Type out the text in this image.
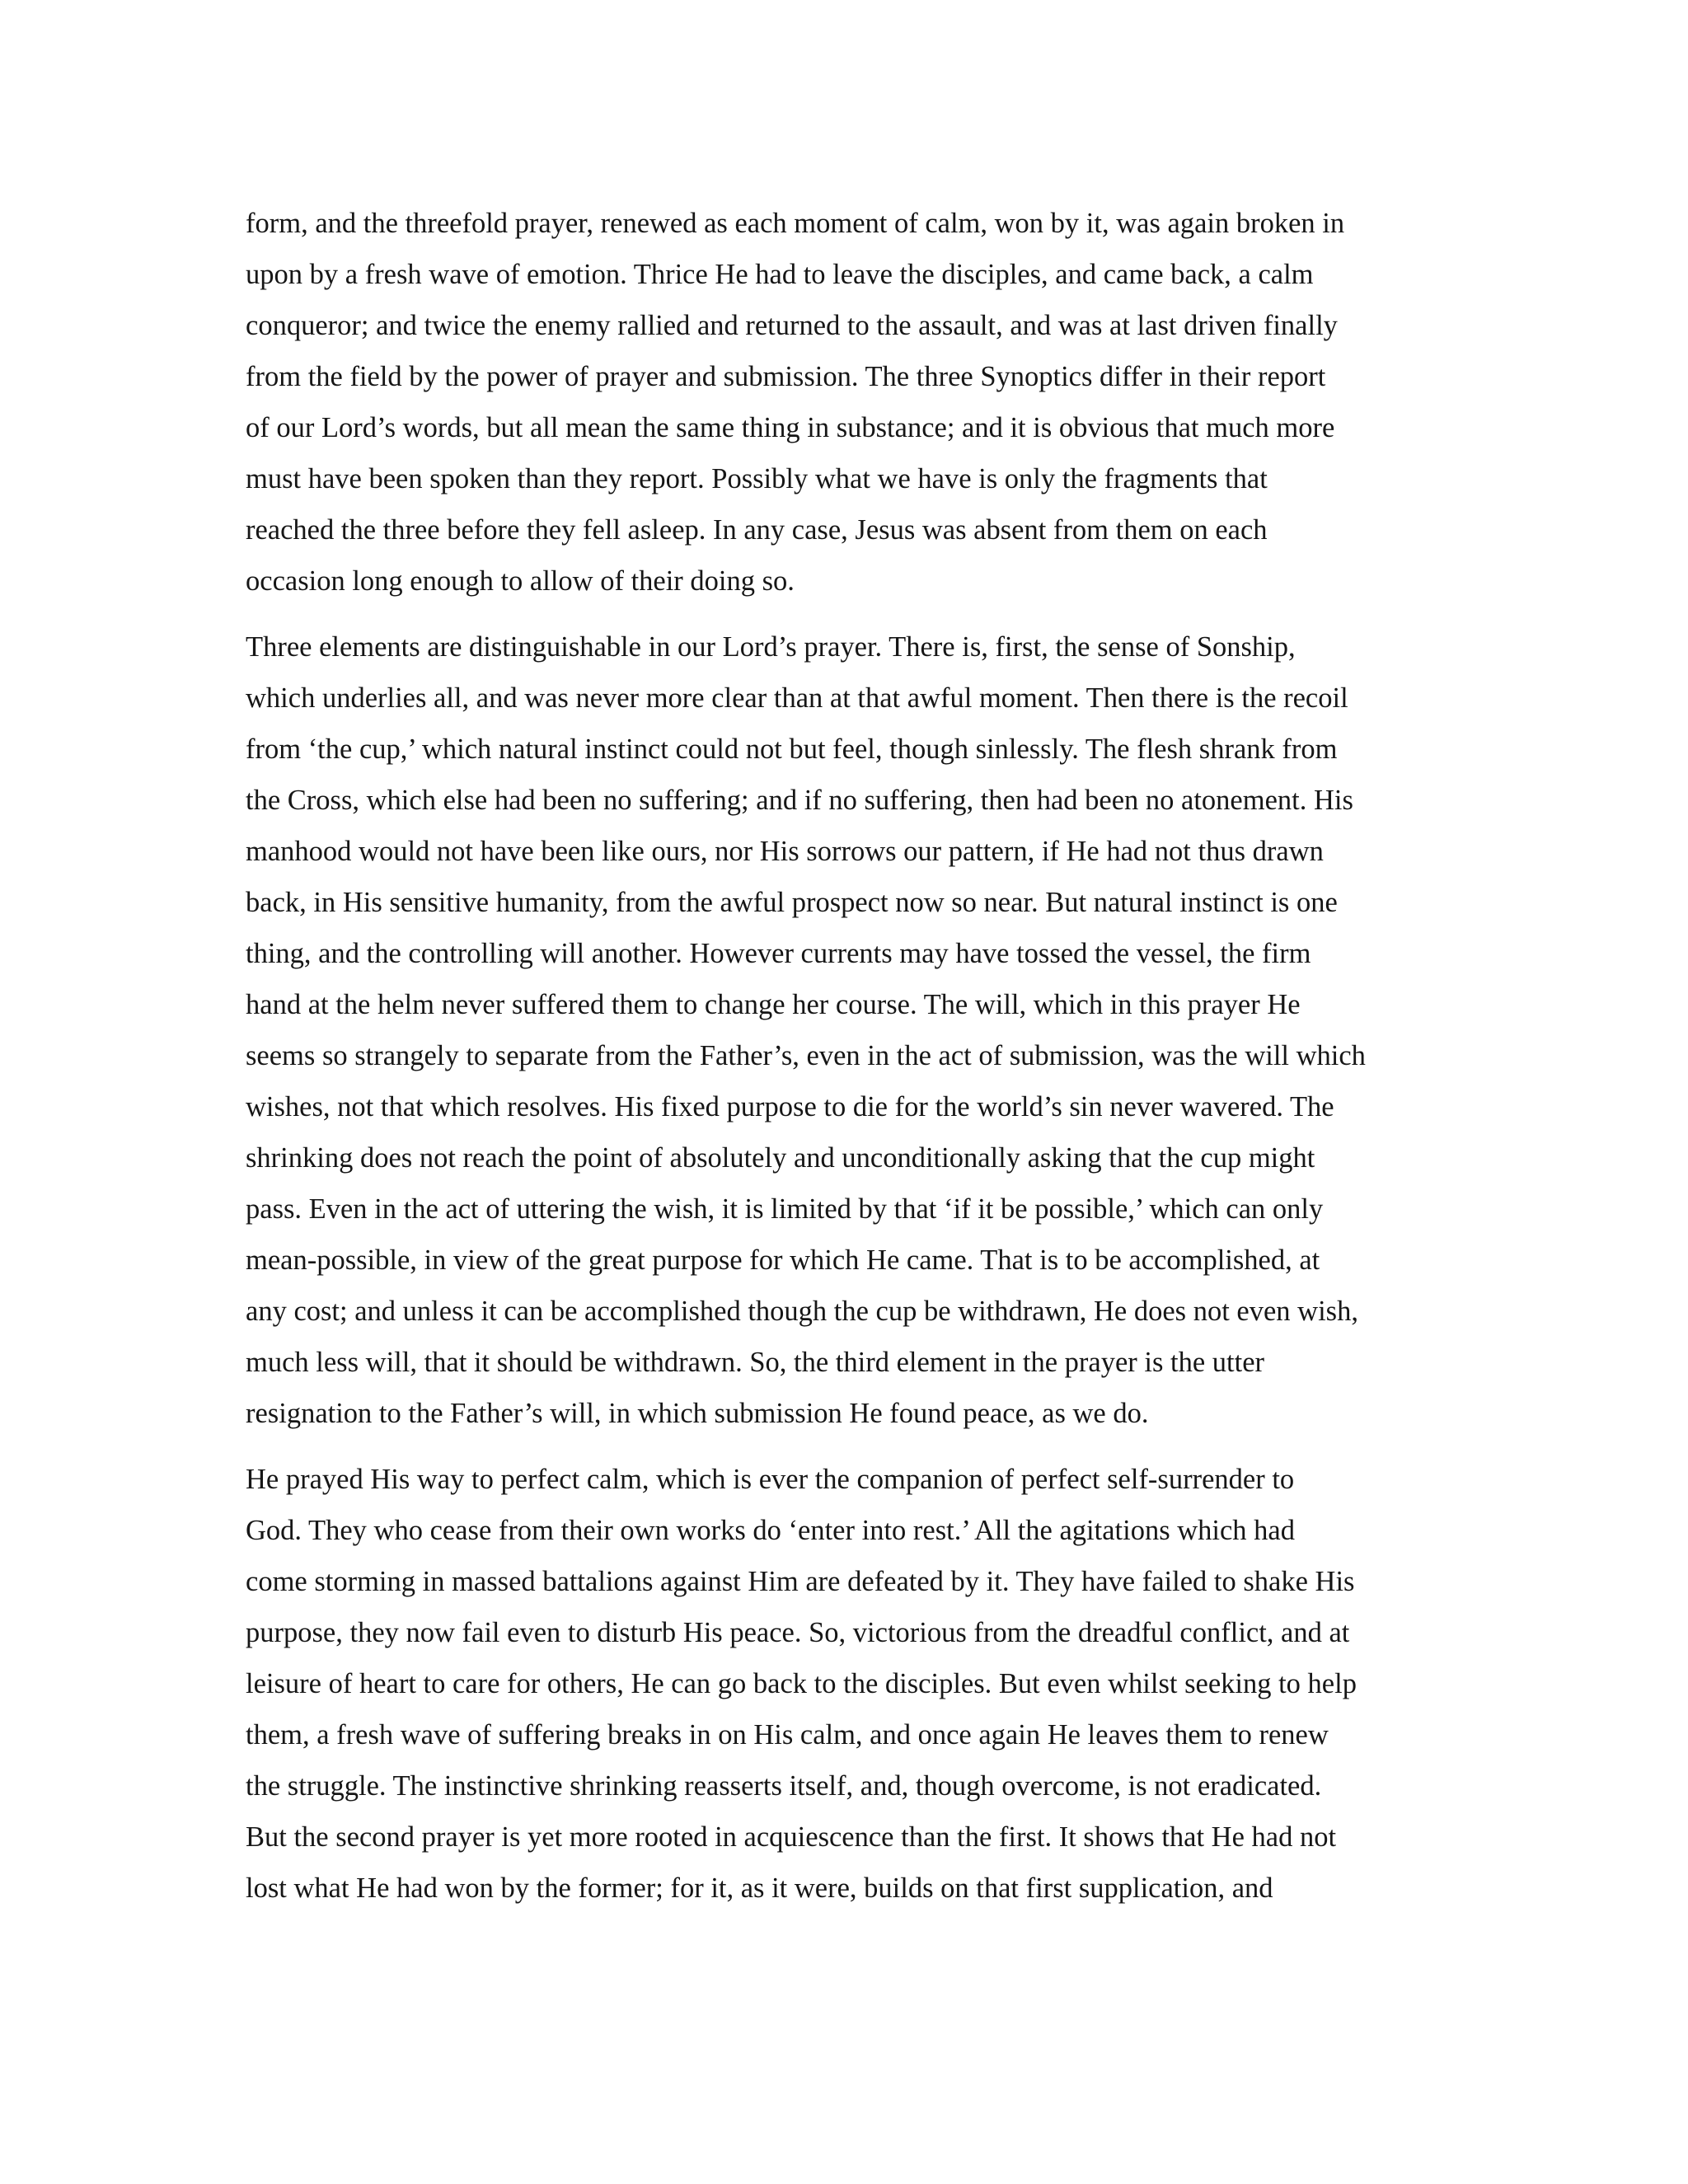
form, and the threefold prayer, renewed as each moment of calm, won by it, was again broken in
upon by a fresh wave of emotion. Thrice He had to leave the disciples, and came back, a calm
conqueror; and twice the enemy rallied and returned to the assault, and was at last driven finally
from the field by the power of prayer and submission. The three Synoptics differ in their report
of our Lord’s words, but all mean the same thing in substance; and it is obvious that much more
must have been spoken than they report. Possibly what we have is only the fragments that
reached the three before they fell asleep. In any case, Jesus was absent from them on each
occasion long enough to allow of their doing so.

Three elements are distinguishable in our Lord’s prayer. There is, first, the sense of Sonship,
which underlies all, and was never more clear than at that awful moment. Then there is the recoil
from ‘the cup,’ which natural instinct could not but feel, though sinlessly. The flesh shrank from
the Cross, which else had been no suffering; and if no suffering, then had been no atonement. His
manhood would not have been like ours, nor His sorrows our pattern, if He had not thus drawn
back, in His sensitive humanity, from the awful prospect now so near. But natural instinct is one
thing, and the controlling will another. However currents may have tossed the vessel, the firm
hand at the helm never suffered them to change her course. The will, which in this prayer He
seems so strangely to separate from the Father’s, even in the act of submission, was the will which
wishes, not that which resolves. His fixed purpose to die for the world’s sin never wavered. The
shrinking does not reach the point of absolutely and unconditionally asking that the cup might
pass. Even in the act of uttering the wish, it is limited by that ‘if it be possible,’ which can only
mean-possible, in view of the great purpose for which He came. That is to be accomplished, at
any cost; and unless it can be accomplished though the cup be withdrawn, He does not even wish,
much less will, that it should be withdrawn. So, the third element in the prayer is the utter
resignation to the Father’s will, in which submission He found peace, as we do.

He prayed His way to perfect calm, which is ever the companion of perfect self-surrender to
God. They who cease from their own works do ‘enter into rest.’ All the agitations which had
come storming in massed battalions against Him are defeated by it. They have failed to shake His
purpose, they now fail even to disturb His peace. So, victorious from the dreadful conflict, and at
leisure of heart to care for others, He can go back to the disciples. But even whilst seeking to help
them, a fresh wave of suffering breaks in on His calm, and once again He leaves them to renew
the struggle. The instinctive shrinking reasserts itself, and, though overcome, is not eradicated.
But the second prayer is yet more rooted in acquiescence than the first. It shows that He had not
lost what He had won by the former; for it, as it were, builds on that first supplication, and
